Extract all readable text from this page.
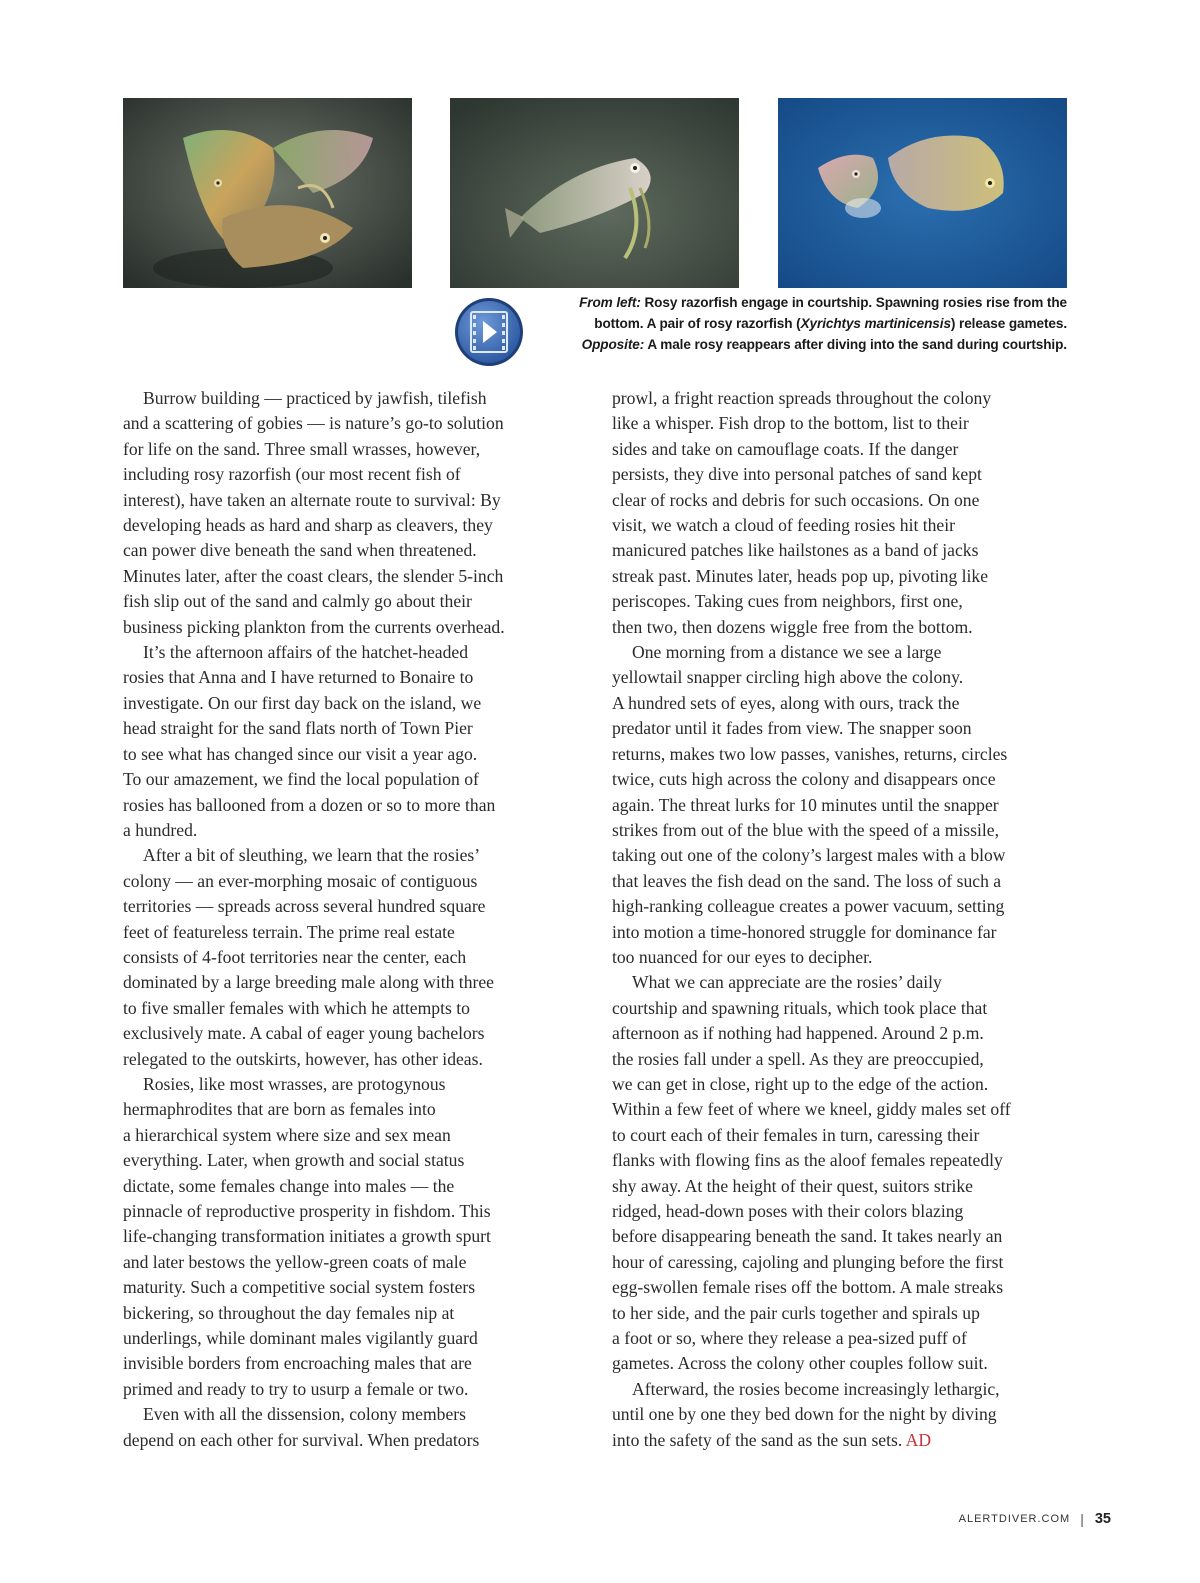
From left: Rosy razorfish engage in courtship. Spawning rosies rise from the

bottom. A pair of rosy razorfish (Xyrichtys martinicensis) release gametes.

Opposite: A male rosy reappears after diving into the sand during courtship.

Burrow building — practiced by jawfish, tilefish
and a scattering of gobies — is nature’s go-to solution
for life on the sand. Three small wrasses, however,
including rosy razorfish (our most recent fish of
interest), have taken an alternate route to survival: By
developing heads as hard and sharp as cleavers, they
can power dive beneath the sand when threatened.
Minutes later, after the coast clears, the slender 5-inch
fish slip out of the sand and calmly go about their
business picking plankton from the currents overhead.
It’s the afternoon affairs of the hatchet-headed
rosies that Anna and I have returned to Bonaire to
investigate. On our first day back on the island, we
head straight for the sand flats north of Town Pier
to see what has changed since our visit a year ago.
To our amazement, we find the local population of
rosies has ballooned from a dozen or so to more than
a hundred.
After a bit of sleuthing, we learn that the rosies’
colony — an ever-morphing mosaic of contiguous
territories — spreads across several hundred square
feet of featureless terrain. The prime real estate
consists of 4-foot territories near the center, each
dominated by a large breeding male along with three
to five smaller females with which he attempts to
exclusively mate. A cabal of eager young bachelors
relegated to the outskirts, however, has other ideas.
Rosies, like most wrasses, are protogynous
hermaphrodites that are born as females into
a hierarchical system where size and sex mean
everything. Later, when growth and social status
dictate, some females change into males — the
pinnacle of reproductive prosperity in fishdom. This
life-changing transformation initiates a growth spurt
and later bestows the yellow-green coats of male
maturity. Such a competitive social system fosters
bickering, so throughout the day females nip at
underlings, while dominant males vigilantly guard
invisible borders from encroaching males that are
primed and ready to try to usurp a female or two.
Even with all the dissension, colony members
depend on each other for survival. When predators
prowl, a fright reaction spreads throughout the colony
like a whisper. Fish drop to the bottom, list to their
sides and take on camouflage coats. If the danger
persists, they dive into personal patches of sand kept
clear of rocks and debris for such occasions. On one
visit, we watch a cloud of feeding rosies hit their
manicured patches like hailstones as a band of jacks
streak past. Minutes later, heads pop up, pivoting like
periscopes. Taking cues from neighbors, first one,
then two, then dozens wiggle free from the bottom.
One morning from a distance we see a large
yellowtail snapper circling high above the colony.
A hundred sets of eyes, along with ours, track the
predator until it fades from view. The snapper soon
returns, makes two low passes, vanishes, returns, circles
twice, cuts high across the colony and disappears once
again. The threat lurks for 10 minutes until the snapper
strikes from out of the blue with the speed of a missile,
taking out one of the colony’s largest males with a blow
that leaves the fish dead on the sand. The loss of such a
high-ranking colleague creates a power vacuum, setting
into motion a time-honored struggle for dominance far
too nuanced for our eyes to decipher.
What we can appreciate are the rosies’ daily
courtship and spawning rituals, which took place that
afternoon as if nothing had happened. Around 2 p.m.
the rosies fall under a spell. As they are preoccupied,
we can get in close, right up to the edge of the action.
Within a few feet of where we kneel, giddy males set off
to court each of their females in turn, caressing their
flanks with flowing fins as the aloof females repeatedly
shy away. At the height of their quest, suitors strike
ridged, head-down poses with their colors blazing
before disappearing beneath the sand. It takes nearly an
hour of caressing, cajoling and plunging before the first
egg-swollen female rises off the bottom. A male streaks
to her side, and the pair curls together and spirals up
a foot or so, where they release a pea-sized puff of
gametes. Across the colony other couples follow suit.
Afterward, the rosies become increasingly lethargic,
until one by one they bed down for the night by diving
into the safety of the sand as the sun sets. AD
ALERTDIVER.COM | 35
